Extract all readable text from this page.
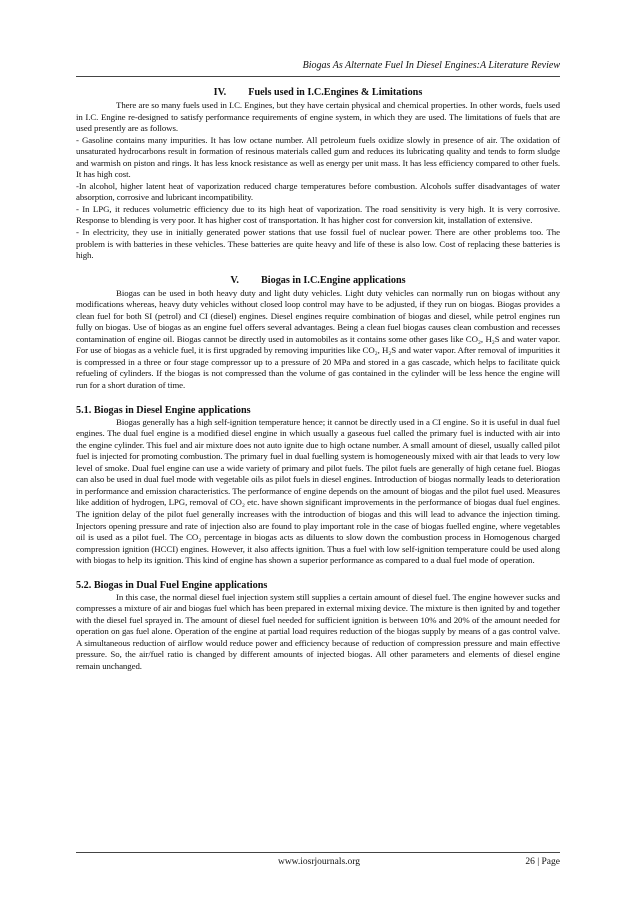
Biogas As Alternate Fuel In Diesel Engines:A Literature Review
IV. Fuels used in I.C.Engines & Limitations

There are so many fuels used in I.C. Engines, but they have certain physical and chemical properties. In other words, fuels used in I.C. Engine re-designed to satisfy performance requirements of engine system, in which they are used. The limitations of fuels that are used presently are as follows.

- Gasoline contains many impurities. It has low octane number. All petroleum fuels oxidize slowly in presence of air. The oxidation of unsaturated hydrocarbons result in formation of resinous materials called gum and reduces its lubricating quality and tends to form sludge and warmish on piston and rings. It has less knock resistance as well as energy per unit mass. It has less efficiency compared to other fuels. It has high cost.

-In alcohol, higher latent heat of vaporization reduced charge temperatures before combustion. Alcohols suffer disadvantages of water absorption, corrosive and lubricant incompatibility.

- In LPG, it reduces volumetric efficiency due to its high heat of vaporization. The road sensitivity is very high. It is very corrosive. Response to blending is very poor. It has higher cost of transportation. It has higher cost for conversion kit, installation of extensive.

- In electricity, they use in initially generated power stations that use fossil fuel of nuclear power. There are other problems too. The problem is with batteries in these vehicles. These batteries are quite heavy and life of these is also low. Cost of replacing these batteries is high.

V. Biogas in I.C.Engine applications

Biogas can be used in both heavy duty and light duty vehicles. Light duty vehicles can normally run on biogas without any modifications whereas, heavy duty vehicles without closed loop control may have to be adjusted, if they run on biogas. Biogas provides a clean fuel for both SI (petrol) and CI (diesel) engines. Diesel engines require combination of biogas and diesel, while petrol engines run fully on biogas. Use of biogas as an engine fuel offers several advantages. Being a clean fuel biogas causes clean combustion and recesses contamination of engine oil. Biogas cannot be directly used in automobiles as it contains some other gases like CO₂, H₂S and water vapor. For use of biogas as a vehicle fuel, it is first upgraded by removing impurities like CO₂, H₂S and water vapor. After removal of impurities it is compressed in a three or four stage compressor up to a pressure of 20 MPa and stored in a gas cascade, which helps to facilitate quick refueling of cylinders. If the biogas is not compressed than the volume of gas contained in the cylinder will be less hence the engine will run for a short duration of time.

5.1. Biogas in Diesel Engine applications

Biogas generally has a high self-ignition temperature hence; it cannot be directly used in a CI engine. So it is useful in dual fuel engines. The dual fuel engine is a modified diesel engine in which usually a gaseous fuel called the primary fuel is inducted with air into the engine cylinder. This fuel and air mixture does not auto ignite due to high octane number. A small amount of diesel, usually called pilot fuel is injected for promoting combustion. The primary fuel in dual fuelling system is homogeneously mixed with air that leads to very low level of smoke. Dual fuel engine can use a wide variety of primary and pilot fuels. The pilot fuels are generally of high cetane fuel. Biogas can also be used in dual fuel mode with vegetable oils as pilot fuels in diesel engines. Introduction of biogas normally leads to deterioration in performance and emission characteristics. The performance of engine depends on the amount of biogas and the pilot fuel used. Measures like addition of hydrogen, LPG, removal of CO₂ etc. have shown significant improvements in the performance of biogas dual fuel engines. The ignition delay of the pilot fuel generally increases with the introduction of biogas and this will lead to advance the injection timing. Injectors opening pressure and rate of injection also are found to play important role in the case of biogas fuelled engine, where vegetables oil is used as a pilot fuel. The CO₂ percentage in biogas acts as diluents to slow down the combustion process in Homogenous charged compression ignition (HCCI) engines. However, it also affects ignition. Thus a fuel with low self-ignition temperature could be used along with biogas to help its ignition. This kind of engine has shown a superior performance as compared to a dual fuel mode of operation.

5.2. Biogas in Dual Fuel Engine applications

In this case, the normal diesel fuel injection system still supplies a certain amount of diesel fuel. The engine however sucks and compresses a mixture of air and biogas fuel which has been prepared in external mixing device. The mixture is then ignited by and together with the diesel fuel sprayed in. The amount of diesel fuel needed for sufficient ignition is between 10% and 20% of the amount needed for operation on gas fuel alone. Operation of the engine at partial load requires reduction of the biogas supply by means of a gas control valve. A simultaneous reduction of airflow would reduce power and efficiency because of reduction of compression pressure and main effective pressure. So, the air/fuel ratio is changed by different amounts of injected biogas. All other parameters and elements of diesel engine remain unchanged.

www.iosrjournals.org	26 | Page
